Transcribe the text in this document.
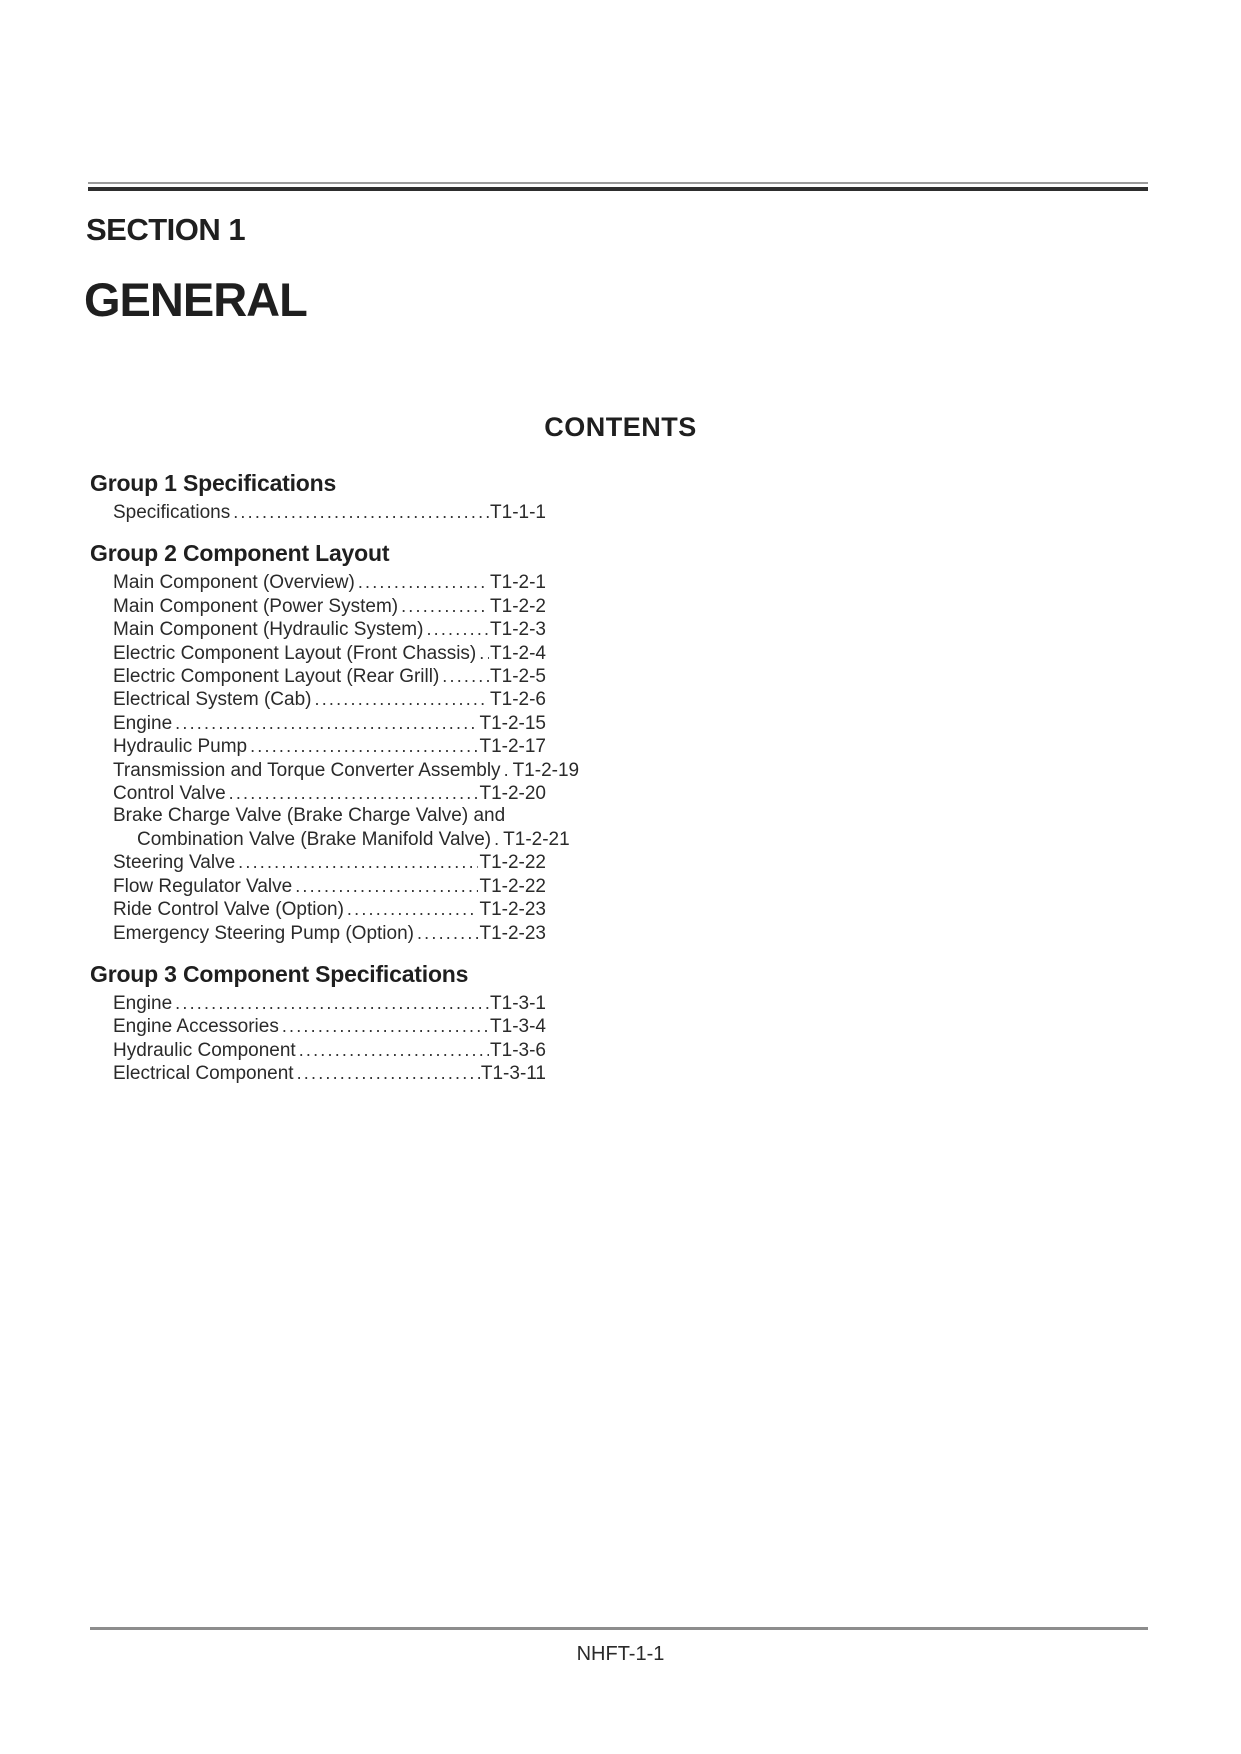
SECTION 1
GENERAL
CONTENTS
Group 1 Specifications
Specifications .....	T1-1-1
Group 2 Component Layout
Main Component (Overview) .....	T1-2-1
Main Component (Power System) .....	T1-2-2
Main Component (Hydraulic System) .....	T1-2-3
Electric Component Layout (Front Chassis) ..... T1-2-4
Electric Component Layout (Rear Grill) .....	T1-2-5
Electrical System (Cab) .....	T1-2-6
Engine .....	T1-2-15
Hydraulic Pump .....	T1-2-17
Transmission and Torque Converter Assembly ..... T1-2-19
Control Valve .....	T1-2-20
Brake Charge Valve (Brake Charge Valve) and
Combination Valve (Brake Manifold Valve) ..... T1-2-21
Steering Valve .....	T1-2-22
Flow Regulator Valve .....	T1-2-22
Ride Control Valve (Option) .....	T1-2-23
Emergency Steering Pump (Option) .....	T1-2-23
Group 3 Component Specifications
Engine .....	T1-3-1
Engine Accessories .....	T1-3-4
Hydraulic Component .....	T1-3-6
Electrical Component .....	T1-3-11
NHFT-1-1
